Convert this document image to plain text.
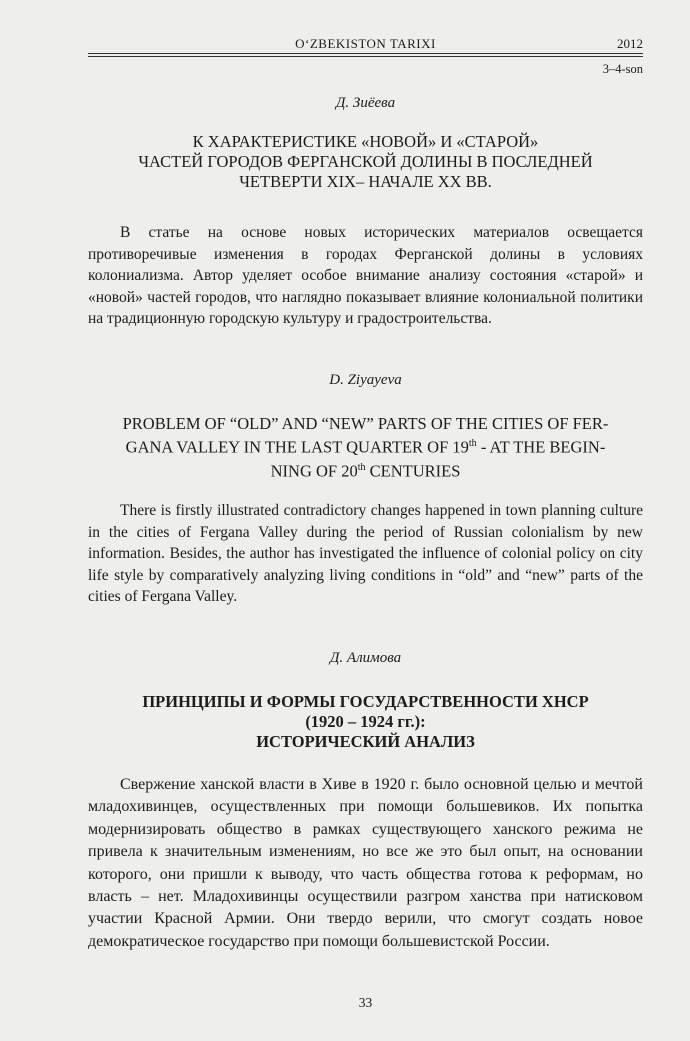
O‘ZBEKISTON TARIXI	2012
3–4-son
Д. Зиëева
К ХАРАКТЕРИСТИКЕ «НОВОЙ» И «СТАРОЙ»
ЧАСТЕЙ ГОРОДОВ ФЕРГАНСКОЙ ДОЛИНЫ В ПОСЛЕДНЕЙ
ЧЕТВЕРТИ XIX– НАЧАЛЕ XX ВВ.

В статье на основе новых исторических материалов освещается противоречивые изменения в городах Ферганской долины в условиях колониализма. Автор уделяет особое внимание анализу состояния «старой» и «новой» частей городов, что наглядно показывает влияние колониальной политики на традиционную городскую культуру и градостроительства.

D. Ziyayeva
PROBLEM OF “OLD” AND “NEW” PARTS OF THE CITIES OF FER-
GANA VALLEY IN THE LAST QUARTER OF 19th - AT THE BEGIN-
NING OF 20th CENTURIES

There is firstly illustrated contradictory changes happened in town planning culture in the cities of Fergana Valley during the period of Russian colonialism by new information. Besides, the author has investigated the influence of colonial policy on city life style by comparatively analyzing living conditions in “old” and “new” parts of the cities of Fergana Valley.

Д. Алимова
ПРИНЦИПЫ И ФОРМЫ ГОСУДАРСТВЕННОСТИ ХНСР
(1920 – 1924 гг.):
ИСТОРИЧЕСКИЙ АНАЛИЗ

Свержение ханской власти в Хиве в 1920 г. было основной целью и мечтой младохивинцев, осуществленных при помощи большевиков. Их попытка модернизировать общество в рамках существующего ханского режима не привела к значительным изменениям, но все же это был опыт, на основании которого, они пришли к выводу, что часть общества готова к реформам, но власть – нет. Младохивинцы осуществили разгром ханства при натисковом участии Красной Армии. Они твердо верили, что смогут создать новое демократическое государство при помощи большевистской России.

33
